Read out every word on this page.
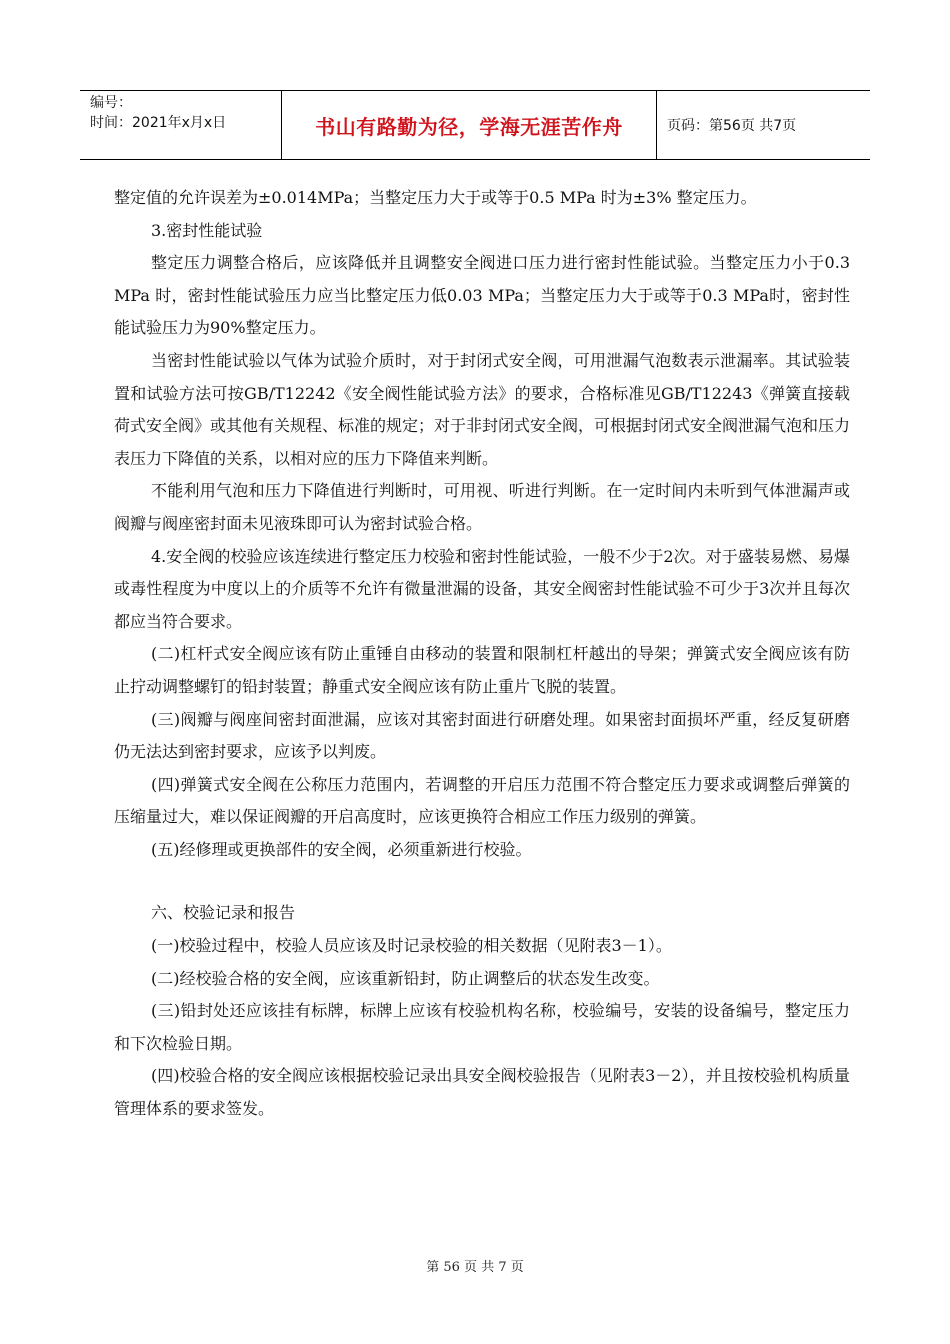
编号：
时间：2021年x月x日	书山有路勤为径，学海无涯苦作舟	页码：第56页 共7页

整定值的允许误差为±0.014MPa；当整定压力大于或等于0.5 MPa 时为±3% 整定压力。

3.密封性能试验

整定压力调整合格后，应该降低并且调整安全阀进口压力进行密封性能试验。当整定压力小于0.3 MPa 时，密封性能试验压力应当比整定压力低0.03 MPa；当整定压力大于或等于0.3 MPa时，密封性能试验压力为90%整定压力。

当密封性能试验以气体为试验介质时，对于封闭式安全阀，可用泄漏气泡数表示泄漏率。其试验装置和试验方法可按GB/T12242《安全阀性能试验方法》的要求，合格标准见GB/T12243《弹簧直接载荷式安全阀》或其他有关规程、标准的规定；对于非封闭式安全阀，可根据封闭式安全阀泄漏气泡和压力表压力下降值的关系，以相对应的压力下降值来判断。

不能利用气泡和压力下降值进行判断时，可用视、听进行判断。在一定时间内未听到气体泄漏声或阀瓣与阀座密封面未见液珠即可认为密封试验合格。

4.安全阀的校验应该连续进行整定压力校验和密封性能试验，一般不少于2次。对于盛装易燃、易爆或毒性程度为中度以上的介质等不允许有微量泄漏的设备，其安全阀密封性能试验不可少于3次并且每次都应当符合要求。

(二)杠杆式安全阀应该有防止重锤自由移动的装置和限制杠杆越出的导架；弹簧式安全阀应该有防止拧动调整螺钉的铅封装置；静重式安全阀应该有防止重片飞脱的装置。

(三)阀瓣与阀座间密封面泄漏，应该对其密封面进行研磨处理。如果密封面损坏严重，经反复研磨仍无法达到密封要求，应该予以判废。

(四)弹簧式安全阀在公称压力范围内，若调整的开启压力范围不符合整定压力要求或调整后弹簧的压缩量过大，难以保证阀瓣的开启高度时，应该更换符合相应工作压力级别的弹簧。

(五)经修理或更换部件的安全阀，必须重新进行校验。

六、校验记录和报告

(一)校验过程中，校验人员应该及时记录校验的相关数据（见附表3－1）。

(二)经校验合格的安全阀，应该重新铅封，防止调整后的状态发生改变。

(三)铅封处还应该挂有标牌，标牌上应该有校验机构名称，校验编号，安装的设备编号，整定压力和下次检验日期。

(四)校验合格的安全阀应该根据校验记录出具安全阀校验报告（见附表3－2），并且按校验机构质量管理体系的要求签发。

第 56 页 共 7 页
